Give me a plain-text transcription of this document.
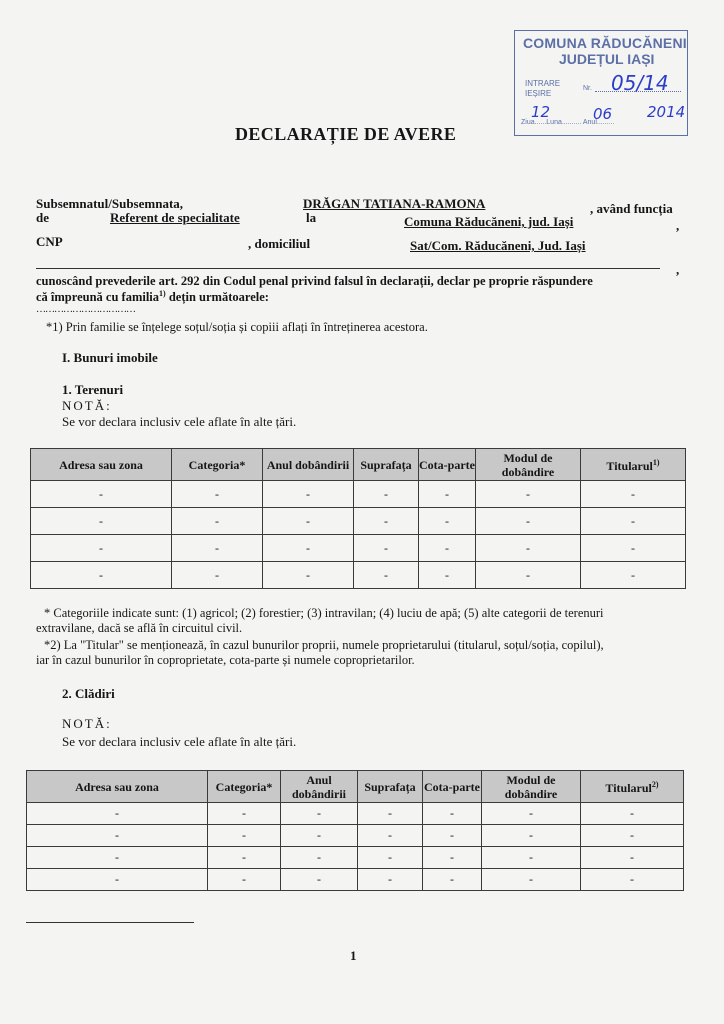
COMUNA RĂDUCĂNENI
JUDEȚUL IAȘI
INTRARE
IEȘIRE
Nr.
Ziua......Luna.......... Anul.........
05/14
12	06 2014
DECLARAȚIE DE AVERE
Subsemnatul/Subsemnata,	DRĂGAN TATIANA-RAMONA	, având funcția
de	Referent de specialitate	la	Comuna Răducăneni, jud. Iași	,
CNP	, domiciliul	Sat/Com. Răducăneni, Jud. Iași
,
cunoscând prevederile art. 292 din Codul penal privind falsul în declarații, declar pe proprie răspundere
că împreună cu familia$^{1)}$ dețin următoarele:
……………………………
*1) Prin familie se înțelege soțul/soția și copiii aflați în întreținerea acestora.
I. Bunuri imobile
1. Terenuri
NOTĂ:
Se vor declara inclusiv cele aflate în alte țări.
Adresa sau zona	Categoria*	Anul dobândirii	Suprafața	Cota-parte	Modul de dobândire	Titularul$^{1)}$
-	-	-	-	-	-	-
-	-	-	-	-	-	-
-	-	-	-	-	-	-
-	-	-	-	-	-	-
* Categoriile indicate sunt: (1) agricol; (2) forestier; (3) intravilan; (4) luciu de apă; (5) alte categorii de terenuri
extravilane, dacă se află în circuitul civil.
*2) La "Titular" se menționează, în cazul bunurilor proprii, numele proprietarului (titularul, soțul/soția, copilul),
iar în cazul bunurilor în coproprietate, cota-parte și numele coproprietarilor.
2. Clădiri
NOTĂ:
Se vor declara inclusiv cele aflate în alte țări.
Adresa sau zona	Categoria*	Anul dobândirii	Suprafața	Cota-parte	Modul de dobândire	Titularul$^{2)}$
-	-	-	-	-	-	-
-	-	-	-	-	-	-
-	-	-	-	-	-	-
-	-	-	-	-	-	-
1
